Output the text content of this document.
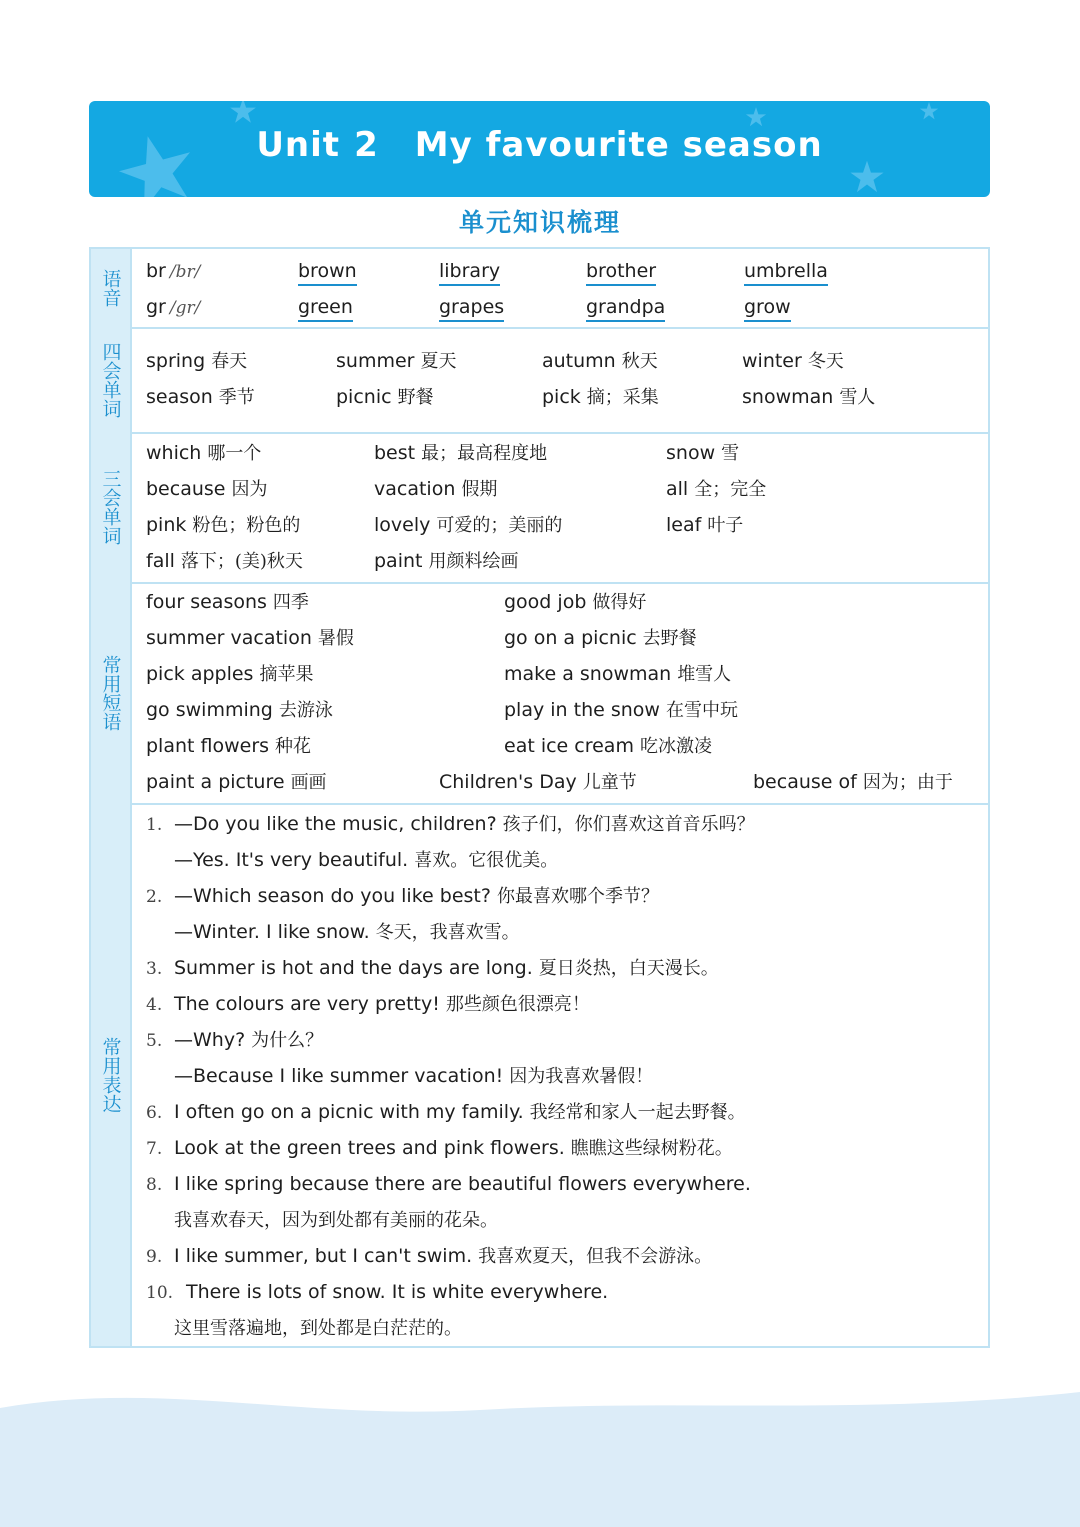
Unit 2 My favourite season
单元知识梳理
语音 br /br/	brown	library	brother	umbrella
gr /gr/	green	grapes	grandpa	grow
四会单词 spring 春天	summer 夏天	autumn 秋天	winter 冬天
season 季节	picnic 野餐	pick 摘；采集	snowman 雪人
三会单词
which 哪一个	best 最；最高程度地	snow 雪
because 因为	vacation 假期	all 全；完全
pink 粉色；粉色的	lovely 可爱的；美丽的	leaf 叶子
fall 落下；(美)秋天	paint 用颜料绘画
常用短语
four seasons 四季	good job 做得好
summer vacation 暑假	go on a picnic 去野餐
pick apples 摘苹果	make a snowman 堆雪人
go swimming 去游泳	play in the snow 在雪中玩
plant flowers 种花	eat ice cream 吃冰激凌
paint a picture 画画	Children's Day 儿童节	because of 因为；由于
常用表达
1. —Do you like the music, children? 孩子们，你们喜欢这首音乐吗？
—Yes. It's very beautiful. 喜欢。它很优美。
2. —Which season do you like best? 你最喜欢哪个季节？
—Winter. I like snow. 冬天，我喜欢雪。
3. Summer is hot and the days are long. 夏日炎热，白天漫长。
4. The colours are very pretty! 那些颜色很漂亮！
5. —Why? 为什么？
—Because I like summer vacation! 因为我喜欢暑假！
6. I often go on a picnic with my family. 我经常和家人一起去野餐。
7. Look at the green trees and pink flowers. 瞧瞧这些绿树粉花。
8. I like spring because there are beautiful flowers everywhere.
我喜欢春天，因为到处都有美丽的花朵。
9. I like summer, but I can't swim. 我喜欢夏天，但我不会游泳。
10. There is lots of snow. It is white everywhere.
这里雪落遍地，到处都是白茫茫的。
